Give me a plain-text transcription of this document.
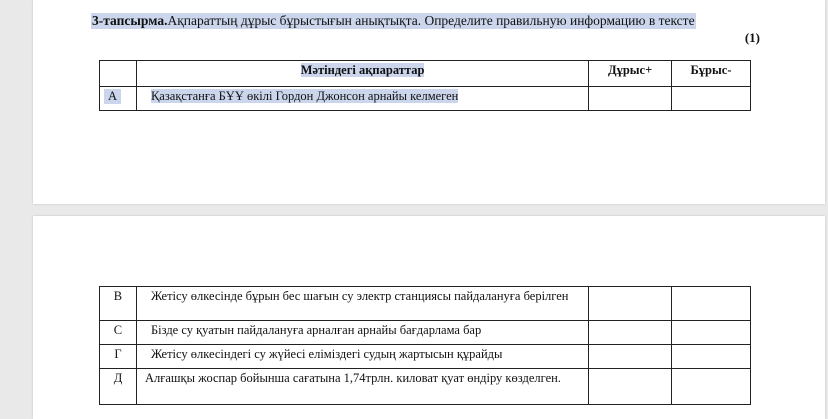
3-тапсырма.Ақпараттың дұрыс бұрыстығын анықтықта. Определите правильную информацию в тексте
(1)

	Мәтіндегі ақпараттар	Дұрыс+	Бұрыс-

А	Қазақстанға БҰҰ өкілі Гордон Джонсон арнайы келмеген		

В	Жетісу өлкесінде бұрын бес шағын су электр станциясы пайдалануға берілген		

С	Бізде су қуатын пайдалануға арналған арнайы бағдарлама бар		

Г	Жетісу өлкесіндегі су жүйесі еліміздегі судың жартысын құрайды		

Д	Алғашқы жоспар бойынша сағатына 1,74трлн. киловат қуат өндіру көзделген.		
